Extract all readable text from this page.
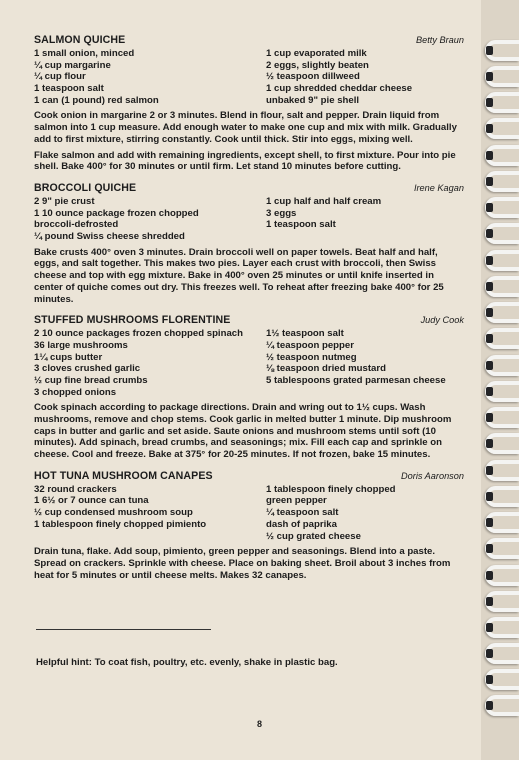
SALMON QUICHE	Betty Braun
1 small onion, minced
¼ cup margarine
¼ cup flour
1 teaspoon salt
1 can (1 pound) red salmon
1 cup evaporated milk
2 eggs, slightly beaten
½ teaspoon dillweed
1 cup shredded cheddar cheese
unbaked 9" pie shell

Cook onion in margarine 2 or 3 minutes. Blend in flour, salt and pepper. Drain liquid from salmon into 1 cup measure. Add enough water to make one cup and mix with milk. Gradually add to first mixture, stirring constantly. Cook until thick. Stir into eggs, mixing well.

Flake salmon and add with remaining ingredients, except shell, to first mixture. Pour into pie shell. Bake 400° for 30 minutes or until firm. Let stand 10 minutes before cutting.

BROCCOLI QUICHE	Irene Kagan
2 9" pie crust
1 10 ounce package frozen chopped
broccoli-defrosted
¼ pound Swiss cheese shredded
1 cup half and half cream
3 eggs
1 teaspoon salt

Bake crusts 400° oven 3 minutes. Drain broccoli well on paper towels. Beat half and half, eggs, and salt together. This makes two pies. Layer each crust with broccoli, then Swiss cheese and top with egg mixture. Bake in 400° oven 25 minutes or until knife inserted in center of quiche comes out dry. This freezes well. To reheat after freezing bake 400° for 25 minutes.

STUFFED MUSHROOMS FLORENTINE	Judy Cook
2 10 ounce packages frozen chopped spinach
36 large mushrooms
1¼ cups butter
3 cloves crushed garlic
½ cup fine bread crumbs
3 chopped onions
1½ teaspoon salt
¼ teaspoon pepper
½ teaspoon nutmeg
⅛ teaspoon dried mustard
5 tablespoons grated parmesan cheese

Cook spinach according to package directions. Drain and wring out to 1½ cups. Wash mushrooms, remove and chop stems. Cook garlic in melted butter 1 minute. Dip mushroom caps in butter and garlic and set aside. Saute onions and mushroom stems until soft (10 minutes). Add spinach, bread crumbs, and seasonings; mix. Fill each cap and sprinkle on cheese. Cool and freeze. Bake at 375° for 20-25 minutes. If not frozen, bake 15 minutes.

HOT TUNA MUSHROOM CANAPES	Doris Aaronson
32 round crackers
1 6½ or 7 ounce can tuna
½ cup condensed mushroom soup
1 tablespoon finely chopped pimiento
1 tablespoon finely chopped
green pepper
¼ teaspoon salt
dash of paprika
½ cup grated cheese

Drain tuna, flake. Add soup, pimiento, green pepper and seasonings. Blend into a paste. Spread on crackers. Sprinkle with cheese. Place on baking sheet. Broil about 3 inches from heat for 5 minutes or until cheese melts. Makes 32 canapes.

Helpful hint: To coat fish, poultry, etc. evenly, shake in plastic bag.
8
